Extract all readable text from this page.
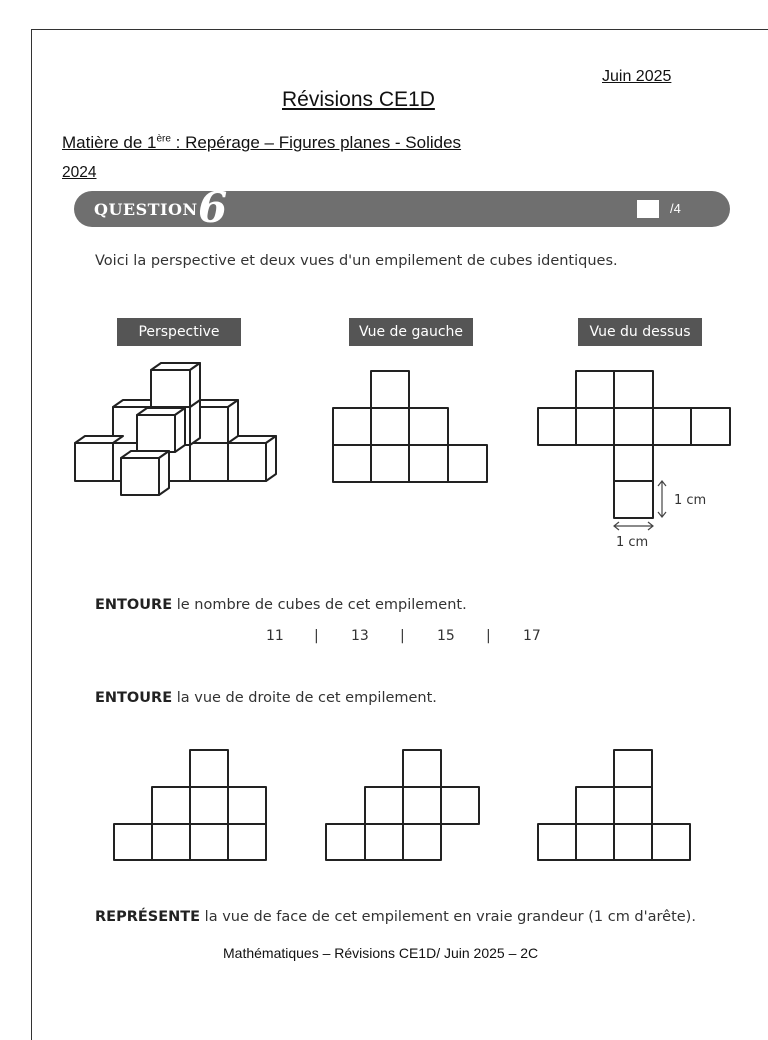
Juin 2025
Révisions CE1D
Matière de 1ère : Repérage – Figures planes - Solides
2024
QUESTION 6	/4
Voici la perspective et deux vues d'un empilement de cubes identiques.
Perspective	Vue de gauche	Vue du dessus
1 cm
1 cm
ENTOURE le nombre de cubes de cet empilement.
11 | 13 | 15 | 17
ENTOURE la vue de droite de cet empilement.
REPRÉSENTE la vue de face de cet empilement en vraie grandeur (1 cm d'arête).
Mathématiques – Révisions CE1D/ Juin 2025 – 2C
